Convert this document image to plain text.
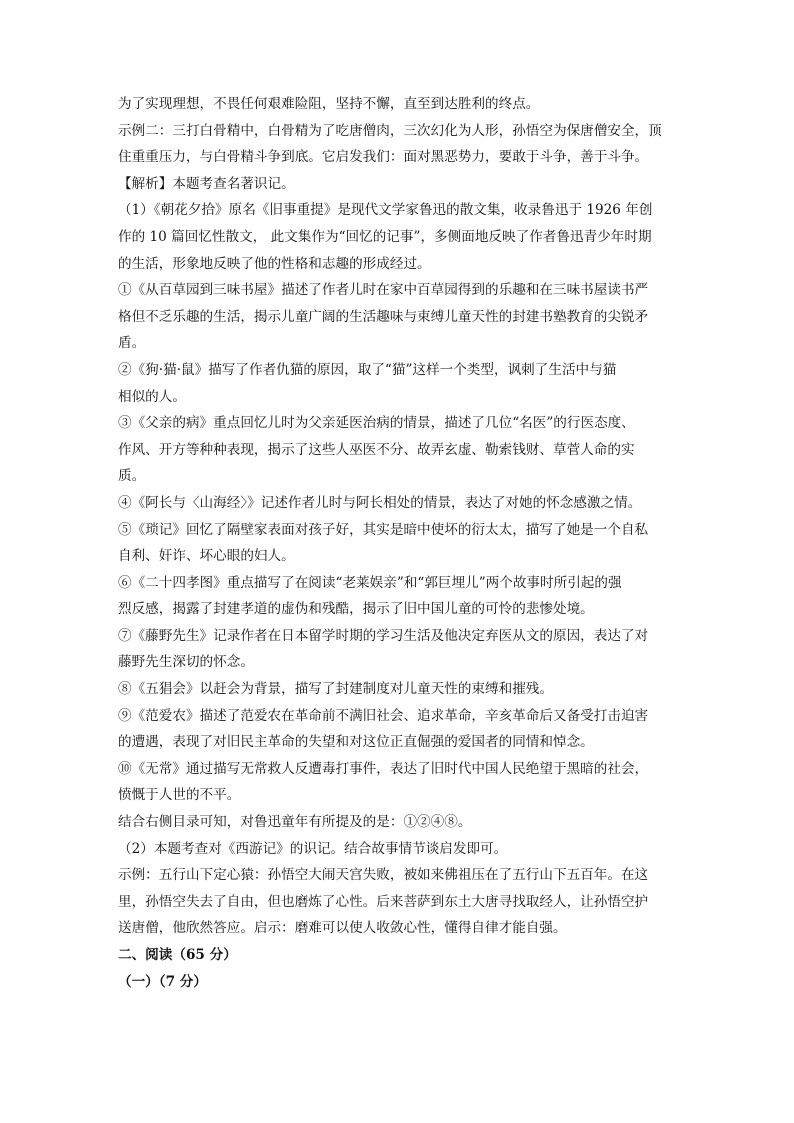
为了实现理想，不畏任何艰难险阻，坚持不懈，直至到达胜利的终点。
示例二：三打白骨精中，白骨精为了吃唐僧肉，三次幻化为人形，孙悟空为保唐僧安全，顶
住重重压力，与白骨精斗争到底。它启发我们：面对黑恶势力，要敢于斗争，善于斗争。
【解析】本题考查名著识记。
（1）《朝花夕拾》原名《旧事重提》是现代文学家鲁迅的散文集，收录鲁迅于 1926 年创
作的 10 篇回忆性散文， 此文集作为“回忆的记事”，多侧面地反映了作者鲁迅青少年时期
的生活，形象地反映了他的性格和志趣的形成经过。
①《从百草园到三味书屋》描述了作者儿时在家中百草园得到的乐趣和在三味书屋读书严
格但不乏乐趣的生活，揭示儿童广阔的生活趣味与束缚儿童天性的封建书塾教育的尖锐矛
盾。
②《狗·猫·鼠》描写了作者仇猫的原因，取了“猫”这样一个类型，讽刺了生活中与猫
相似的人。
③《父亲的病》重点回忆儿时为父亲延医治病的情景，描述了几位“名医”的行医态度、
作风、开方等种种表现，揭示了这些人巫医不分、故弄玄虚、勒索钱财、草菅人命的实
质。
④《阿长与〈山海经〉》记述作者儿时与阿长相处的情景，表达了对她的怀念感激之情。
⑤《琐记》回忆了隔壁家表面对孩子好，其实是暗中使坏的衍太太，描写了她是一个自私
自利、奸诈、坏心眼的妇人。
⑥《二十四孝图》重点描写了在阅读“老莱娱亲”和“郭巨埋儿”两个故事时所引起的强
烈反感，揭露了封建孝道的虚伪和残酷，揭示了旧中国儿童的可怜的悲惨处境。
⑦《藤野先生》记录作者在日本留学时期的学习生活及他决定弃医从文的原因，表达了对
藤野先生深切的怀念。
⑧《五猖会》以赶会为背景，描写了封建制度对儿童天性的束缚和摧残。
⑨《范爱农》描述了范爱农在革命前不满旧社会、追求革命，辛亥革命后又备受打击迫害
的遭遇，表现了对旧民主革命的失望和对这位正直倔强的爱国者的同情和悼念。
⑩《无常》通过描写无常救人反遭毒打事件，表达了旧时代中国人民绝望于黑暗的社会，
愤慨于人世的不平。
结合右侧目录可知，对鲁迅童年有所提及的是：①②④⑧。
（2）本题考查对《西游记》的识记。结合故事情节谈启发即可。
示例：五行山下定心猿：孙悟空大闹天宫失败，被如来佛祖压在了五行山下五百年。在这
里，孙悟空失去了自由，但也磨炼了心性。后来菩萨到东土大唐寻找取经人，让孙悟空护
送唐僧，他欣然答应。启示：磨难可以使人收敛心性，懂得自律才能自强。
二、阅读（65 分）
（一）（7 分）
